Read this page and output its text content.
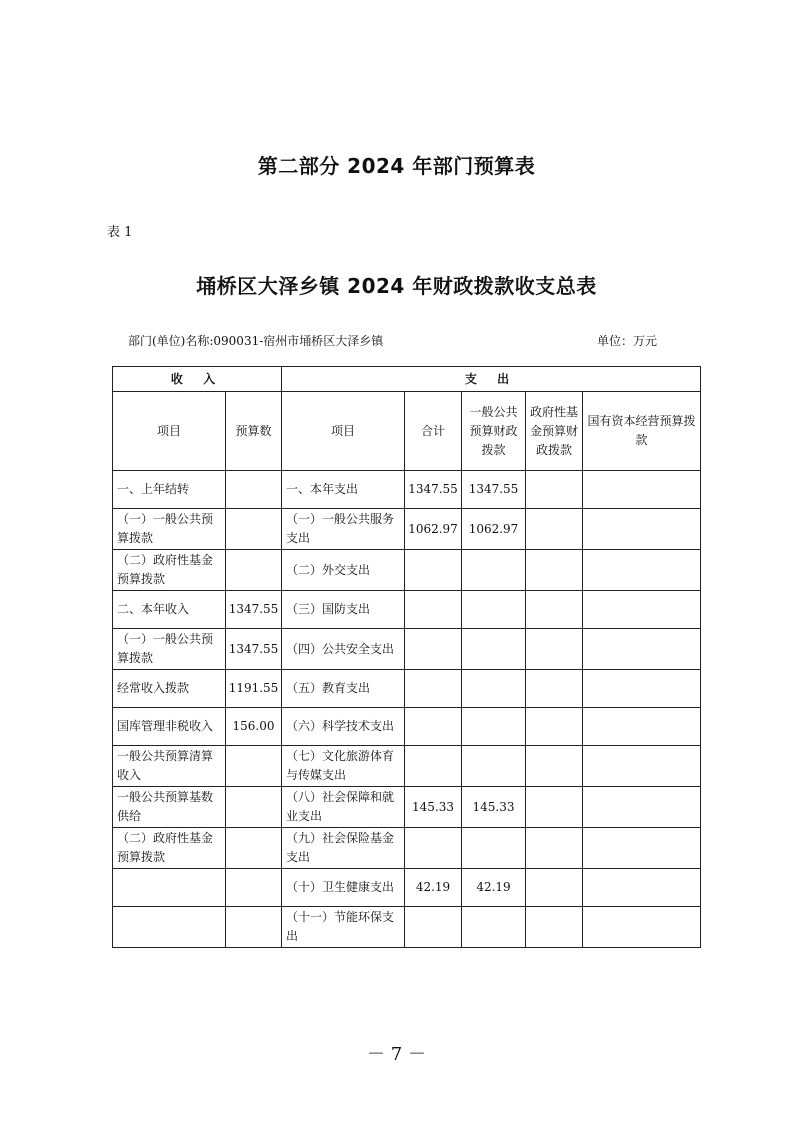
第二部分 2024 年部门预算表
表 1
埇桥区大泽乡镇 2024 年财政拨款收支总表
部门(单位)名称:090031-宿州市埇桥区大泽乡镇	单位：万元
收 入		支 出				
项目	预算数	项目	合计	一般公共预算财政拨款	政府性基金预算财政拨款	国有资本经营预算拨款
一、上年结转		一、本年支出	1347.55	1347.55		
（一）一般公共预算拨款		（一）一般公共服务支出	1062.97	1062.97		
（二）政府性基金预算拨款		（二）外交支出				
二、本年收入	1347.55	（三）国防支出				
（一）一般公共预算拨款	1347.55	（四）公共安全支出				
经常收入拨款	1191.55	（五）教育支出				
国库管理非税收入	156.00	（六）科学技术支出				
一般公共预算清算收入		（七）文化旅游体育与传媒支出				
一般公共预算基数供给		（八）社会保障和就业支出	145.33	145.33		
（二）政府性基金预算拨款		（九）社会保险基金支出				
		（十）卫生健康支出	42.19	42.19		
		（十一）节能环保支出				
－ 7 －
